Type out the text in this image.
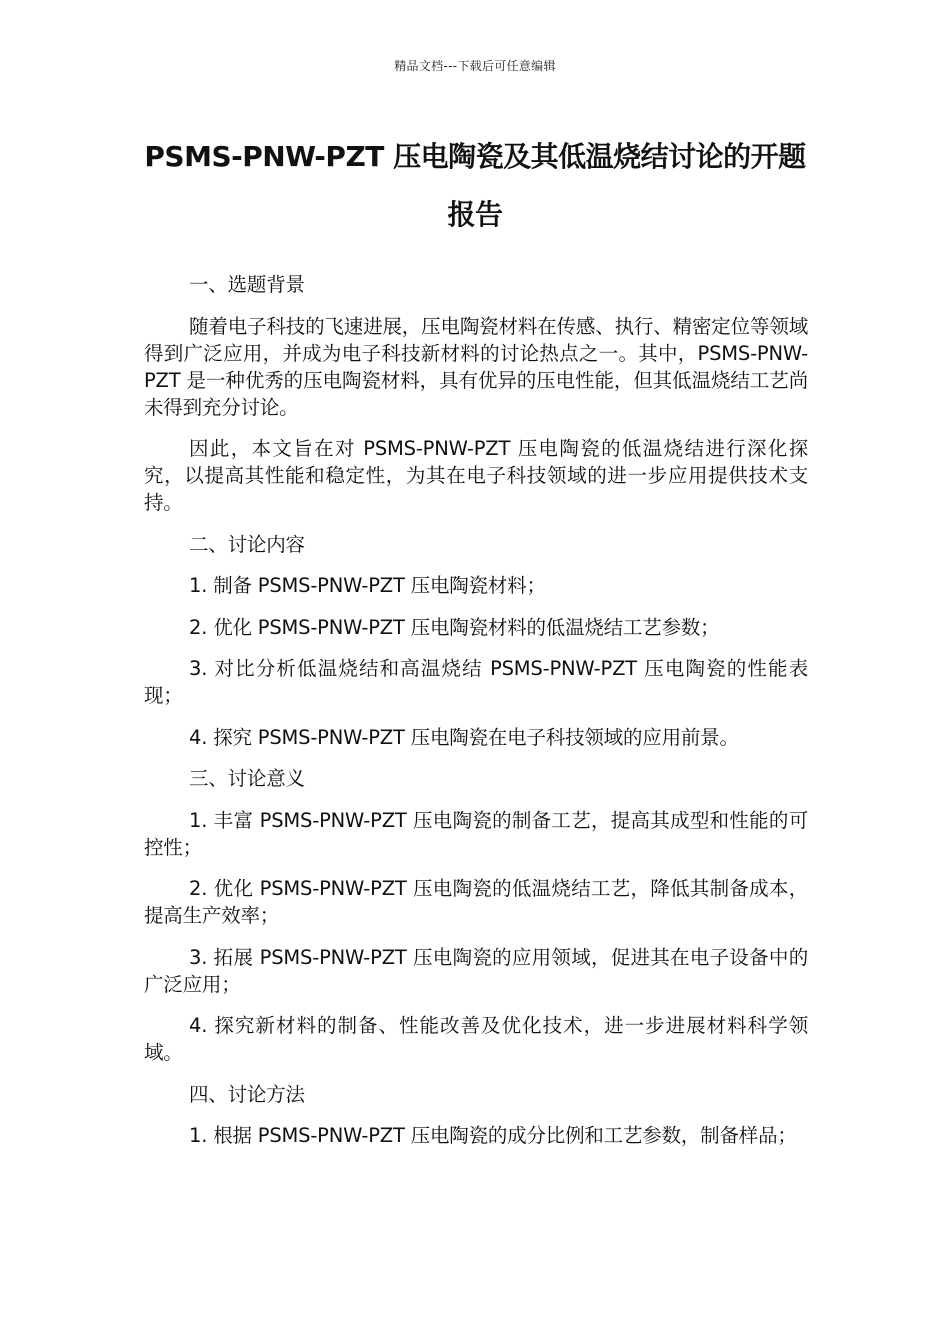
精品文档---下载后可任意编辑
PSMS-PNW-PZT 压电陶瓷及其低温烧结讨论的开题报告

一、选题背景

随着电子科技的飞速进展，压电陶瓷材料在传感、执行、精密定位等领域得到广泛应用，并成为电子科技新材料的讨论热点之一。其中，PSMS-PNW-PZT 是一种优秀的压电陶瓷材料，具有优异的压电性能，但其低温烧结工艺尚未得到充分讨论。

因此，本文旨在对 PSMS-PNW-PZT 压电陶瓷的低温烧结进行深化探究，以提高其性能和稳定性，为其在电子科技领域的进一步应用提供技术支持。

二、讨论内容

1. 制备 PSMS-PNW-PZT 压电陶瓷材料；

2. 优化 PSMS-PNW-PZT 压电陶瓷材料的低温烧结工艺参数；

3. 对比分析低温烧结和高温烧结 PSMS-PNW-PZT 压电陶瓷的性能表现；

4. 探究 PSMS-PNW-PZT 压电陶瓷在电子科技领域的应用前景。

三、讨论意义

1. 丰富 PSMS-PNW-PZT 压电陶瓷的制备工艺，提高其成型和性能的可控性；

2. 优化 PSMS-PNW-PZT 压电陶瓷的低温烧结工艺，降低其制备成本，提高生产效率；

3. 拓展 PSMS-PNW-PZT 压电陶瓷的应用领域，促进其在电子设备中的广泛应用；

4. 探究新材料的制备、性能改善及优化技术，进一步进展材料科学领域。

四、讨论方法

1. 根据 PSMS-PNW-PZT 压电陶瓷的成分比例和工艺参数，制备样品；
